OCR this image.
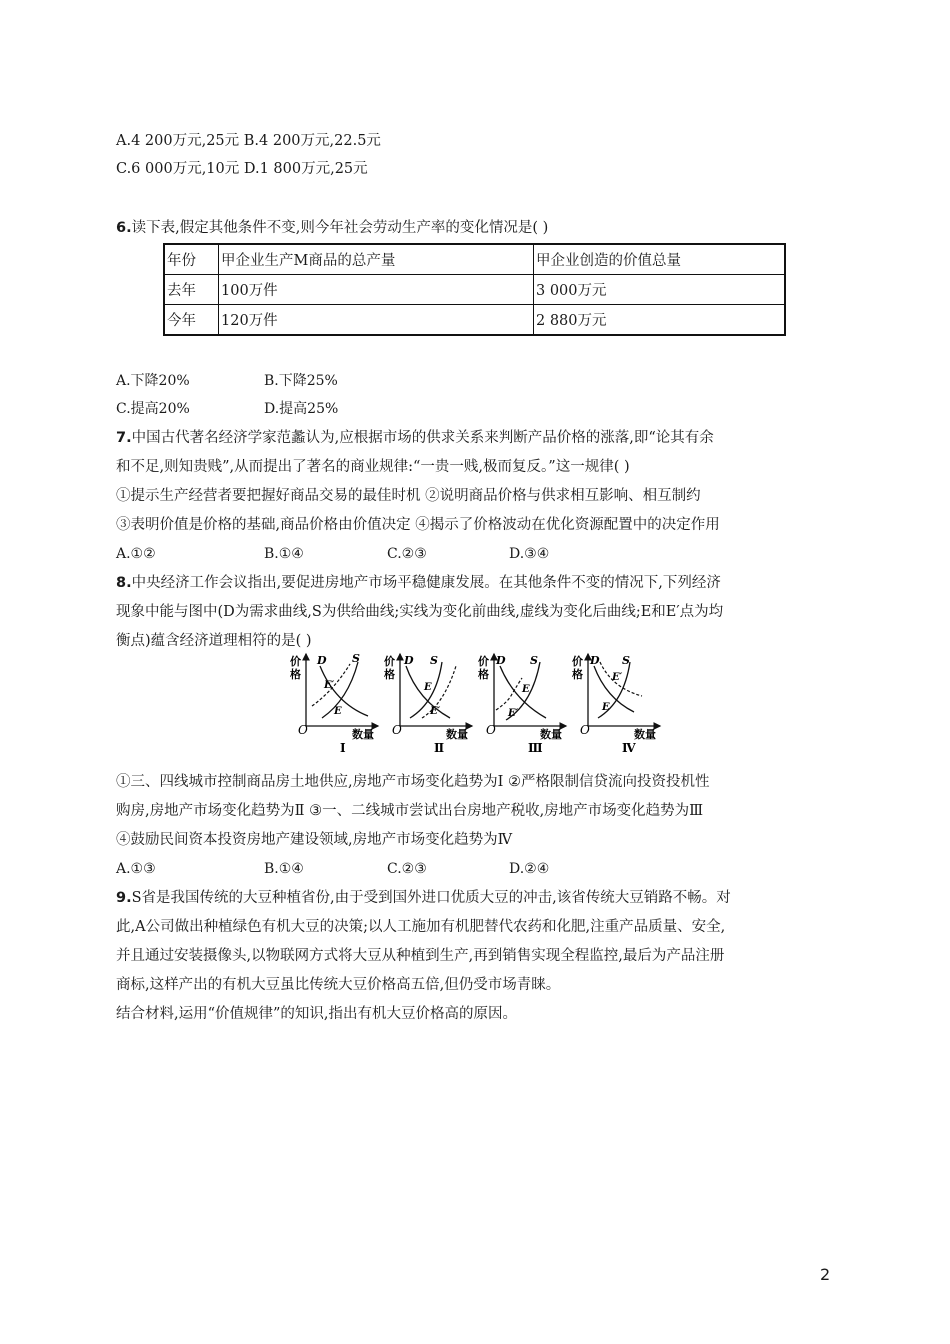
A.4 200万元,25元 B.4 200万元,22.5元
C.6 000万元,10元 D.1 800万元,25元
6.读下表,假定其他条件不变,则今年社会劳动生产率的变化情况是( )
年份	甲企业生产M商品的总产量	甲企业创造的价值总量
去年	100万件	3 000万元
今年	120万件	2 880万元
A.下降20%	B.下降25%
C.提高20%	D.提高25%
7.中国古代著名经济学家范蠡认为,应根据市场的供求关系来判断产品价格的涨落,即“论其有余
和不足,则知贵贱”,从而提出了著名的商业规律:“一贵一贱,极而复反。”这一规律( )
①提示生产经营者要把握好商品交易的最佳时机 ②说明商品价格与供求相互影响、相互制约
③表明价值是价格的基础,商品价格由价值决定 ④揭示了价格波动在优化资源配置中的决定作用
A.①②	B.①④	C.②③	D.③④
8.中央经济工作会议指出,要促进房地产市场平稳健康发展。在其他条件不变的情况下,下列经济
现象中能与图中(D为需求曲线,S为供给曲线;实线为变化前曲线,虚线为变化后曲线;E和E′点为均
衡点)蕴含经济道理相符的是( )
价
格
O	数量
D S
E′
E
Ⅰ
价
格
O	数量
D S
E
E′
Ⅱ
价
格
O	数量
D S
E
E′
Ⅲ
价
格
O	数量
D S
E′
E
Ⅳ
①三、四线城市控制商品房土地供应,房地产市场变化趋势为Ⅰ ②严格限制信贷流向投资投机性
购房,房地产市场变化趋势为Ⅱ ③一、二线城市尝试出台房地产税收,房地产市场变化趋势为Ⅲ
④鼓励民间资本投资房地产建设领域,房地产市场变化趋势为Ⅳ
A.①③	B.①④	C.②③	D.②④
9.S省是我国传统的大豆种植省份,由于受到国外进口优质大豆的冲击,该省传统大豆销路不畅。对
此,A公司做出种植绿色有机大豆的决策;以人工施加有机肥替代农药和化肥,注重产品质量、安全,
并且通过安装摄像头,以物联网方式将大豆从种植到生产,再到销售实现全程监控,最后为产品注册
商标,这样产出的有机大豆虽比传统大豆价格高五倍,但仍受市场青睐。
结合材料,运用“价值规律”的知识,指出有机大豆价格高的原因。
2
